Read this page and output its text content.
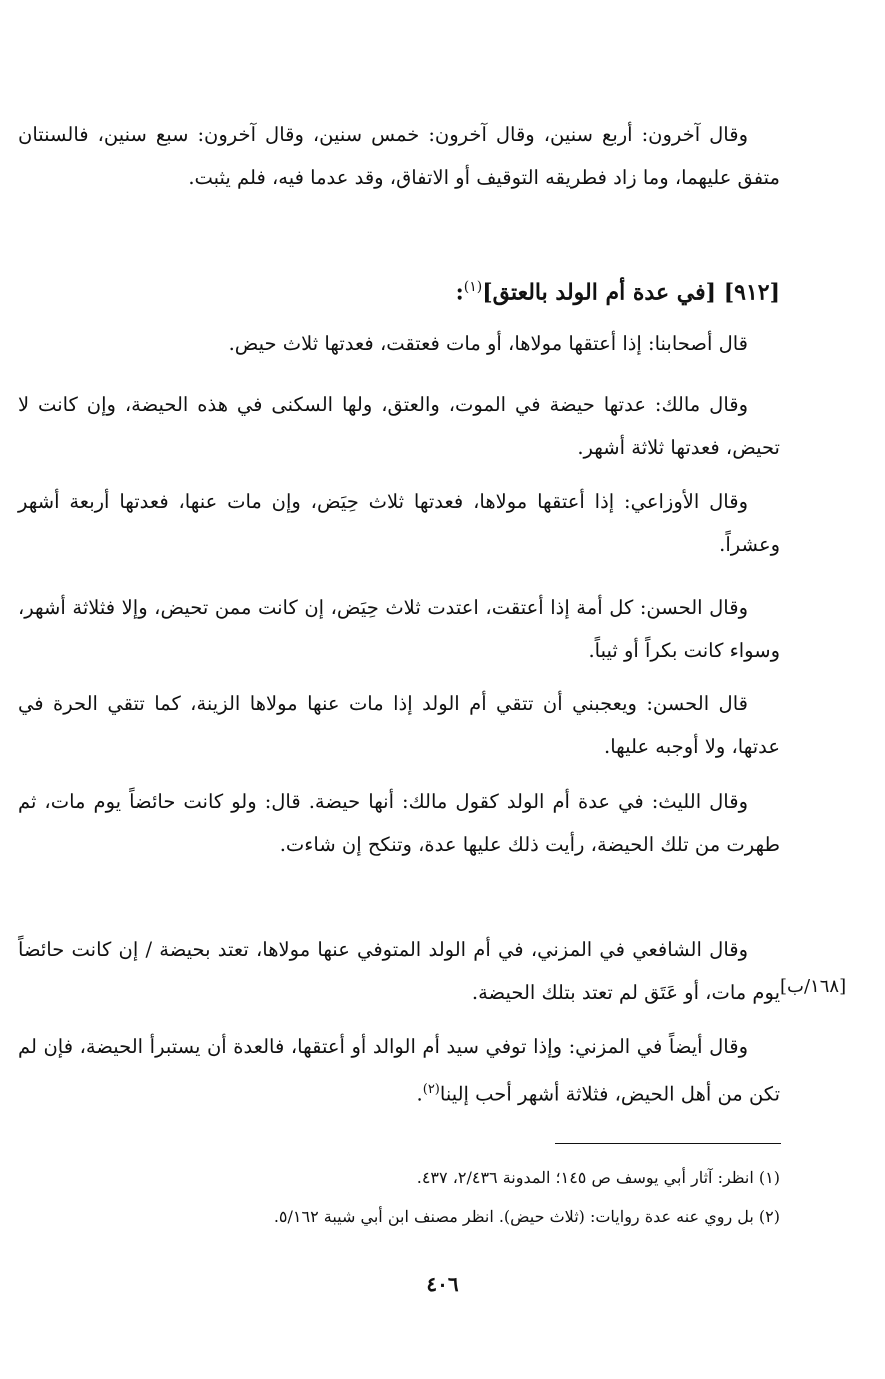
وقال آخرون: أربع سنين، وقال آخرون: خمس سنين، وقال آخرون: سبع سنين، فالسنتان متفق عليهما، وما زاد فطريقه التوقيف أو الاتفاق، وقد عدما فيه، فلم يثبت.

[٩١٢] [في عدة أم الولد بالعتق]$^{(١)}$:

قال أصحابنا: إذا أعتقها مولاها، أو مات فعتقت، فعدتها ثلاث حيض.

وقال مالك: عدتها حيضة في الموت، والعتق، ولها السكنى في هذه الحيضة، وإن كانت لا تحيض، فعدتها ثلاثة أشهر.

وقال الأوزاعي: إذا أعتقها مولاها، فعدتها ثلاث حِيَض، وإن مات عنها، فعدتها أربعة أشهر وعشراً.

وقال الحسن: كل أمة إذا أعتقت، اعتدت ثلاث حِيَض، إن كانت ممن تحيض، وإلا فثلاثة أشهر، وسواء كانت بكراً أو ثيباً.

قال الحسن: ويعجبني أن تتقي أم الولد إذا مات عنها مولاها الزينة، كما تتقي الحرة في عدتها، ولا أوجبه عليها.

وقال الليث: في عدة أم الولد كقول مالك: أنها حيضة. قال: ولو كانت حائضاً يوم مات، ثم طهرت من تلك الحيضة، رأيت ذلك عليها عدة، وتنكح إن شاءت.

وقال الشافعي في المزني، في أم الولد المتوفي عنها مولاها، تعتد بحيضة / إن كانت حائضاً يوم مات، أو عَتَق لم تعتد بتلك الحيضة. [١٦٨/ب]

وقال أيضاً في المزني: وإذا توفي سيد أم الوالد أو أعتقها، فالعدة أن يستبرأ الحيضة، فإن لم تكن من أهل الحيض، فثلاثة أشهر أحب إلينا$^{(٢)}$.

(١) انظر: آثار أبي يوسف ص ١٤٥؛ المدونة ٢/٤٣٦، ٤٣٧.

(٢) بل روي عنه عدة روايات: (ثلاث حيض). انظر مصنف ابن أبي شيبة ٥/١٦٢.

٤٠٦
